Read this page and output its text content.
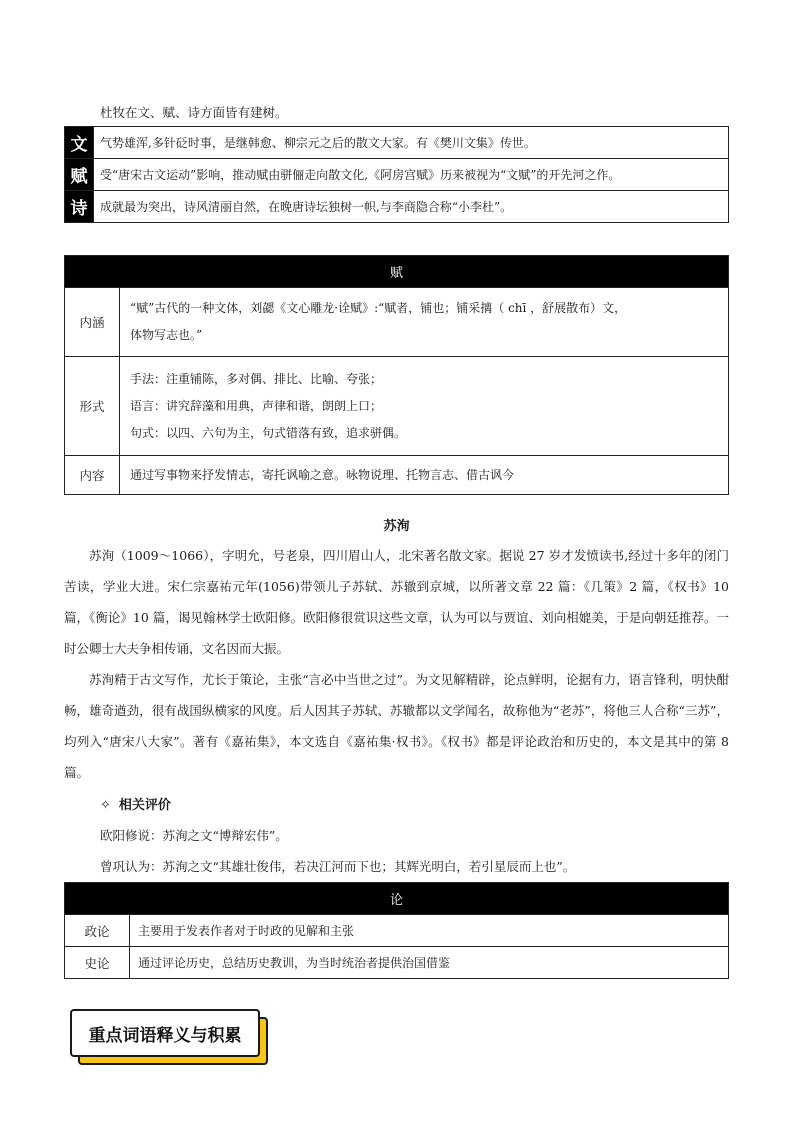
杜牧在文、赋、诗方面皆有建树。
文	气势雄浑,多针砭时事，是继韩愈、柳宗元之后的散文大家。有《樊川文集》传世。
赋	受“唐宋古文运动”影响，推动赋由骈俪走向散文化,《阿房宫赋》历来被视为“文赋”的开先河之作。
诗	成就最为突出，诗风清丽自然，在晚唐诗坛独树一帜,与李商隐合称“小李杜”。
赋	
内涵	“赋”古代的一种文体，刘勰《文心雕龙·诠赋》:“赋者，铺也；铺采摛（ chī ，舒展散布）文，
体物写志也。”

形式	手法：注重铺陈，多对偶、排比、比喻、夸张；
语言：讲究辞藻和用典，声律和谐，朗朗上口；
句式：以四、六句为主，句式错落有致，追求骈偶。

内容	通过写事物来抒发情志，寄托讽喻之意。咏物说理、托物言志、借古讽今
苏洵
苏洵（1009～1066），字明允，号老泉，四川眉山人，北宋著名散文家。据说 27 岁才发愤读书,经过十多年的闭门苦读，学业大进。宋仁宗嘉祐元年(1056)带领儿子苏轼、苏辙到京城，以所著文章 22 篇：《几策》2 篇，《权书》10 篇，《衡论》10 篇，谒见翰林学士欧阳修。欧阳修很赏识这些文章，认为可以与贾谊、刘向相媲美，于是向朝廷推荐。一时公卿士大夫争相传诵，文名因而大振。
苏洵精于古文写作，尤长于策论，主张“言必中当世之过”。为文见解精辟，论点鲜明，论据有力，语言锋利，明快酣畅，雄奇遒劲，很有战国纵横家的风度。后人因其子苏轼、苏辙都以文学闻名，故称他为“老苏”，将他三人合称“三苏”，均列入“唐宋八大家”。著有《嘉祐集》，本文选自《嘉祐集·权书》。《权书》都是评论政治和历史的，本文是其中的第 8 篇。
✧ 相关评价
欧阳修说：苏洵之文“博辩宏伟”。
曾巩认为：苏洵之文“其雄壮俊伟，若决江河而下也；其辉光明白，若引星辰而上也”。
论	
政论	主要用于发表作者对于时政的见解和主张
史论	通过评论历史，总结历史教训，为当时统治者提供治国借鉴
重点词语释义与积累
